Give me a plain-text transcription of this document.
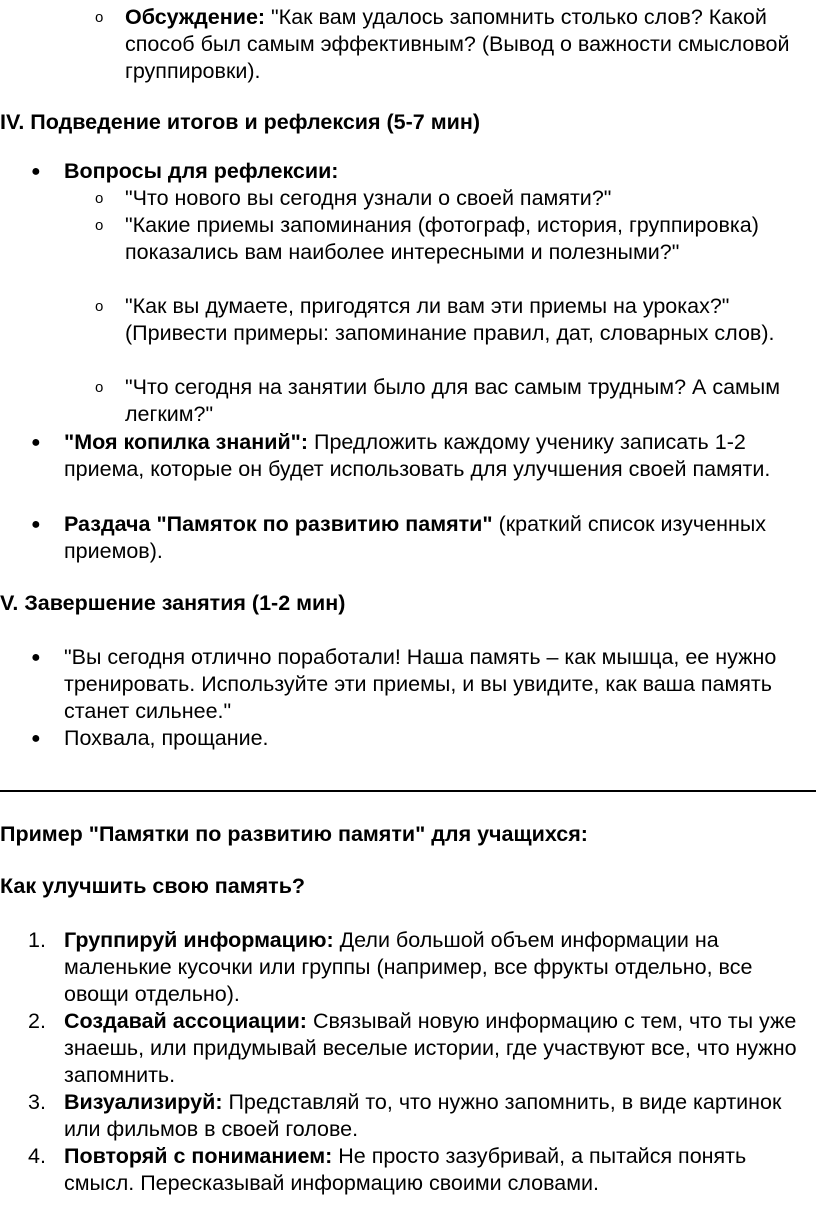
o Обсуждение: "Как вам удалось запомнить столько слов? Какой способ был самым эффективным? (Вывод о важности смысловой группировки).
IV. Подведение итогов и рефлексия (5-7 мин)
● Вопросы для рефлексии:
o "Что нового вы сегодня узнали о своей памяти?"
o "Какие приемы запоминания (фотограф, история, группировка) показались вам наиболее интересными и полезными?"
o "Как вы думаете, пригодятся ли вам эти приемы на уроках?" (Привести примеры: запоминание правил, дат, словарных слов).
o "Что сегодня на занятии было для вас самым трудным? А самым легким?"
● "Моя копилка знаний": Предложить каждому ученику записать 1-2 приема, которые он будет использовать для улучшения своей памяти.
● Раздача "Памяток по развитию памяти" (краткий список изученных приемов).
V. Завершение занятия (1-2 мин)
● "Вы сегодня отлично поработали! Наша память – как мышца, ее нужно тренировать. Используйте эти приемы, и вы увидите, как ваша память станет сильнее."
● Похвала, прощание.
Пример "Памятки по развитию памяти" для учащихся:
Как улучшить свою память?
1. Группируй информацию: Дели большой объем информации на маленькие кусочки или группы (например, все фрукты отдельно, все овощи отдельно).
2. Создавай ассоциации: Связывай новую информацию с тем, что ты уже знаешь, или придумывай веселые истории, где участвуют все, что нужно запомнить.
3. Визуализируй: Представляй то, что нужно запомнить, в виде картинок или фильмов в своей голове.
4. Повторяй с пониманием: Не просто зазубривай, а пытайся понять смысл. Пересказывай информацию своими словами.
